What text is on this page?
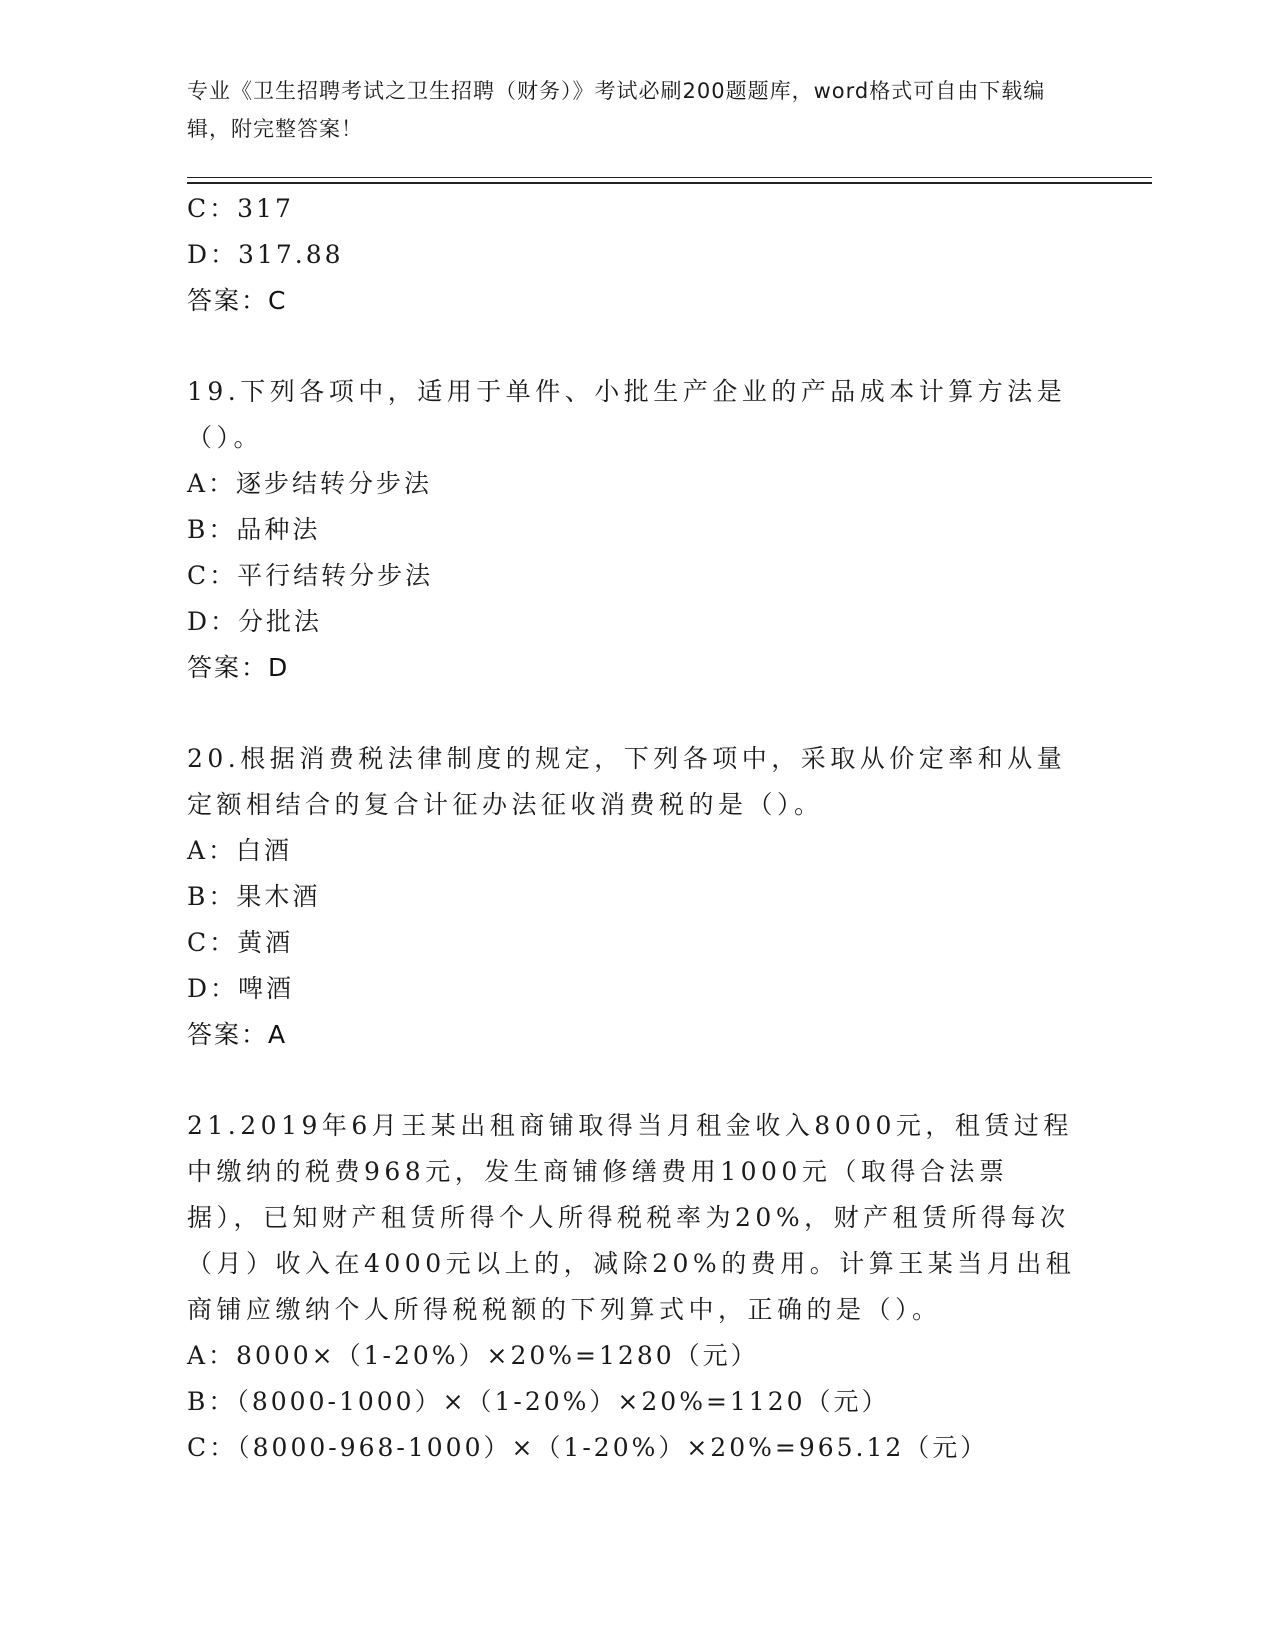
专业《卫生招聘考试之卫生招聘（财务）》考试必刷200题题库，word格式可自由下载编辑，附完整答案！
C：317
D：317.88
答案：C
19.下列各项中，适用于单件、小批生产企业的产品成本计算方法是（）。
A：逐步结转分步法
B：品种法
C：平行结转分步法
D：分批法
答案：D
20.根据消费税法律制度的规定，下列各项中，采取从价定率和从量定额相结合的复合计征办法征收消费税的是（）。
A：白酒
B：果木酒
C：黄酒
D：啤酒
答案：A
21.2019年6月王某出租商铺取得当月租金收入8000元，租赁过程中缴纳的税费968元，发生商铺修缮费用1000元（取得合法票据），已知财产租赁所得个人所得税税率为20%，财产租赁所得每次（月）收入在4000元以上的，减除20%的费用。计算王某当月出租商铺应缴纳个人所得税税额的下列算式中，正确的是（）。
A：8000×（1-20%）×20%=1280（元）
B：（8000-1000）×（1-20%）×20%=1120（元）
C：（8000-968-1000）×（1-20%）×20%=965.12（元）
